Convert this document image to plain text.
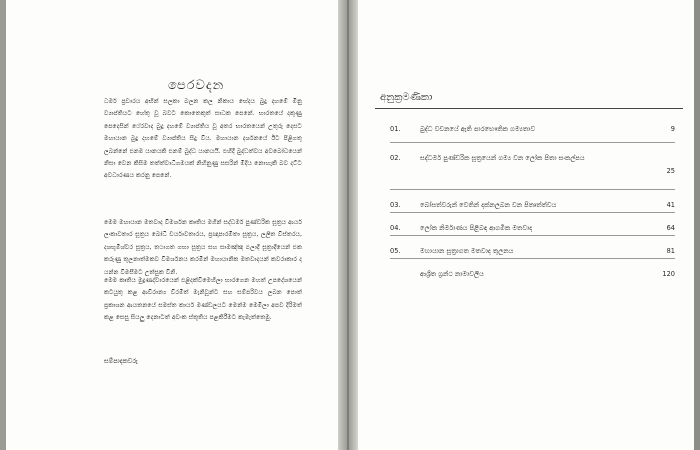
පෙරවදන
ධර්ම ප්‍රචාරය අභින් සලකා බලන කල නිකාය භේදය බුදු දහමේ මිනු ව්‍යාප්තියට හේතු වූ බවට කොතෙකුත් සාධක පෙනේ. භාරතයේ දකුණු පෙදෙසින් ථේරවාද බුදු දහමේ ව්‍යාප්තිය වූ අතර භාරතයෙන් උතුරු දෙසට මහායාන බුදු දහමේ ව්‍යාප්තිය සිදු විය. මහායාන දර්ශනයේ ඊට පිළිගතු ලබන්නේ එනම යානයකි එනම් බුද්ධ යානයයි. එහිදී බුද්ධත්වය අවබෝධයෙන් නිසා වෙන කිසිම තත්ත්වාධිගමයක් නිහිනුණු සසරින් මිදිය නොහැකි බව දට්ට අවධාරණය කරනු පෙනේ.
මෙම මහායාන මතවාද විමර්ශන කෘතිය මගින් සද්ධර්ම පුණ්ඩරික සූත්‍රය ආර්ය ලංකාවතාර සූත්‍රය බෝධි චර්යාවතාරය, ප්‍රඥාපාරමිතා සූත්‍රය, ලලිත විස්තරය, දශභූමීශ්වර සූත්‍රය, තථාගත ගභා සූත්‍රය සහ සාමඤ්ඤ ඵලාදී සූත්‍රාදීයෙන් එක කරුණු තුලනාත්මකව විමර්ශනය කරමින් මහායානික මතවාදයන් කවරාකාර ද යන්න විමසීමට උත්සුක විනි.
මෙම කෘතිය මුද්‍රණද්වාරයෙන් එළිදක්වීමෙහිලා භාරගෙන මහත් උපදේශයෙන් කටයුතු කළ ආචිරාන්‍ය චිරමිත් මැනිවූන්ට සහ සම්පරිවය ලබන පොත් ප්‍රකාශන ආයතනයේ සමස්ත කාර්ය මණ්ඩලයට මෙන්ම මෙමිලා අපව දිරිමත් කළ සෙසු සියලු දෙනාටත් අවංක ස්තූතිය පළකිරීමට කැමැත්තෙමු.
සම්පාදකවරු
අනුක්‍රමණිකා
01.	බුද්ධ වචනයේ ඇති පාරභෞතික ගම්‍යතාව	9
02.	සද්ධර්ම පුණ්ඩරික සූත්‍රයෙන් ගම්‍ය වන ලෝක පිතා සංකල්පය
25
03.	බෝසත්වරුන් වෙතින් දක්නලබන වන පිතෘත්ත්වය	41
04.	ලෝක නිර්මාණය පිළිබඳ ආගමික මතවාද	64
05.	මහායාන සූත්‍රාගත මතවාද තුලනය	81
ආශ්‍රිත ග්‍රන්ථ නාමාවලිය	120
